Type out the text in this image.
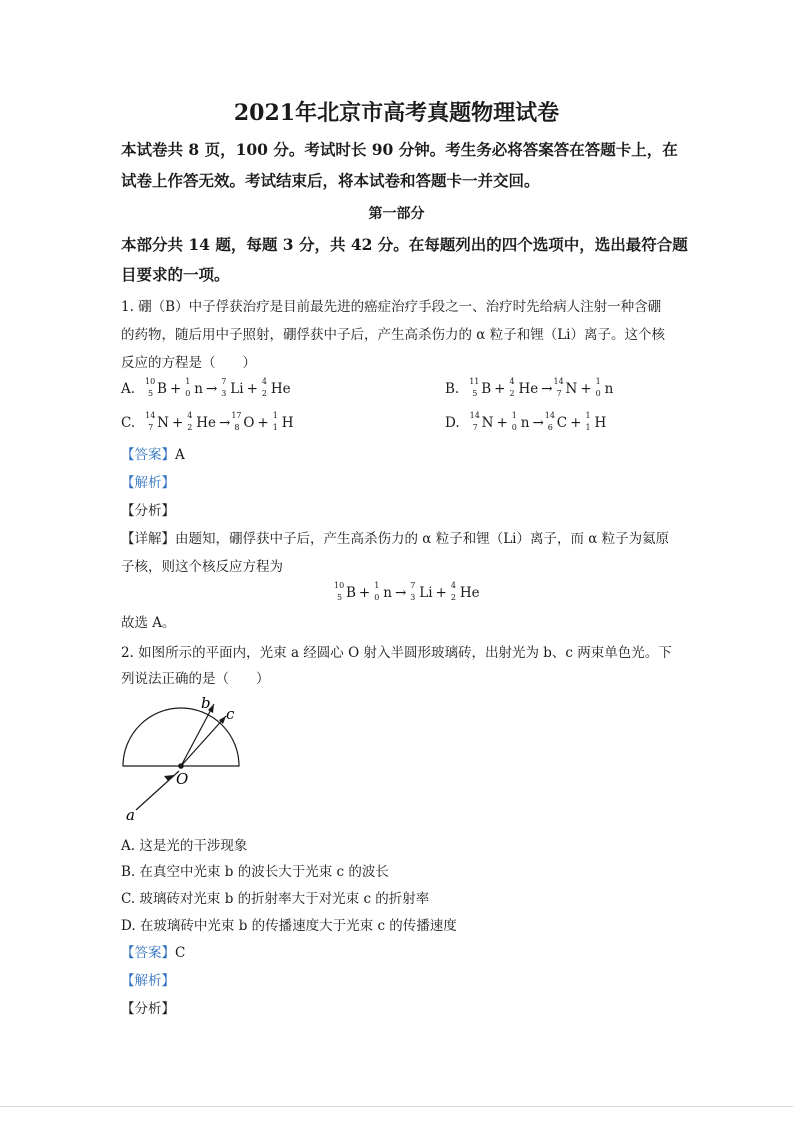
2021年北京市高考真题物理试卷
本试卷共 8 页，100 分。考试时长 90 分钟。考生务必将答案答在答题卡上，在
试卷上作答无效。考试结束后，将本试卷和答题卡一并交回。
第一部分
本部分共 14 题，每题 3 分，共 42 分。在每题列出的四个选项中，选出最符合题
目要求的一项。
1. 硼（B）中子俘获治疗是目前最先进的癌症治疗手段之一、治疗时先给病人注射一种含硼
的药物，随后用中子照射，硼俘获中子后，产生高杀伤力的 α 粒子和锂（Li）离子。这个核
反应的方程是（　　）
A. 10
5 B + 1
0 n → 7
3 Li + 4
2 He	B. 11
5 B + 4
2 He → 14
7 N + 1
0 n
C. 14
7 N + 4
2 He → 17
8 O + 1
1 H	D. 14
7 N + 1
0 n → 14
6 C + 1
1 H
【答案】A
【解析】
【分析】
【详解】由题知，硼俘获中子后，产生高杀伤力的 α 粒子和锂（Li）离子，而 α 粒子为氦原
子核，则这个核反应方程为
10
5 B + 1
0 n → 7
3 Li + 4
2 He
故选 A。
2. 如图所示的平面内，光束 a 经圆心 O 射入半圆形玻璃砖，出射光为 b、c 两束单色光。下
列说法正确的是（　　）
b
c
O
a
A. 这是光的干涉现象
B. 在真空中光束 b 的波长大于光束 c 的波长
C. 玻璃砖对光束 b 的折射率大于对光束 c 的折射率
D. 在玻璃砖中光束 b 的传播速度大于光束 c 的传播速度
【答案】C
【解析】
【分析】
